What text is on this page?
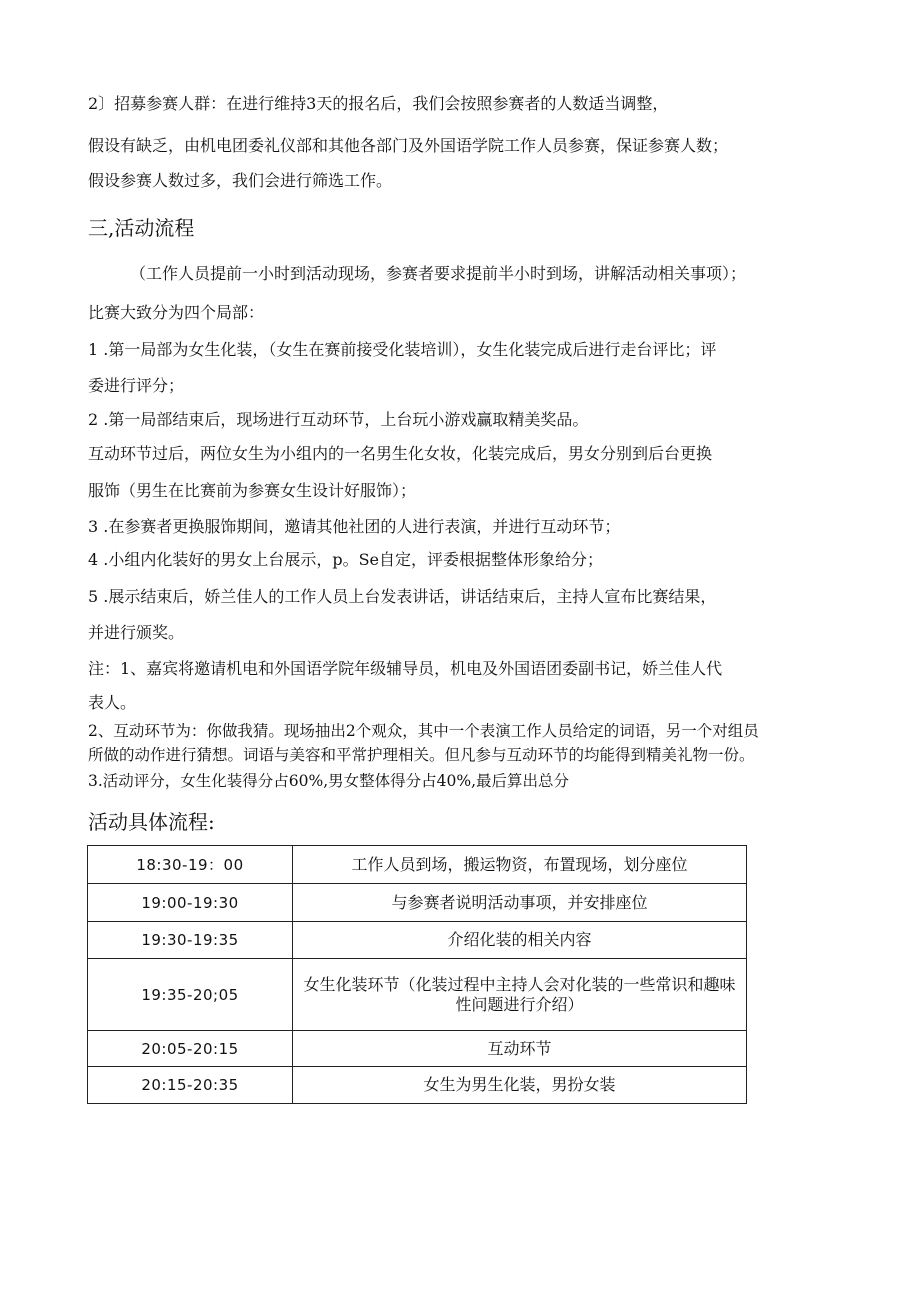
2〕招募参赛人群：在进行维持3天的报名后，我们会按照参赛者的人数适当调整，
假设有缺乏，由机电团委礼仪部和其他各部门及外国语学院工作人员参赛，保证参赛人数；
假设参赛人数过多，我们会进行筛选工作。
三,活动流程
（工作人员提前一小时到活动现场，参赛者要求提前半小时到场，讲解活动相关事项）；
比赛大致分为四个局部：
1 .第一局部为女生化装，（女生在赛前接受化装培训），女生化装完成后进行走台评比；评
委进行评分；
2 .第一局部结束后，现场进行互动环节，上台玩小游戏赢取精美奖品。
互动环节过后，两位女生为小组内的一名男生化女妆，化装完成后，男女分别到后台更换
服饰（男生在比赛前为参赛女生设计好服饰）；
3 .在参赛者更换服饰期间，邀请其他社团的人进行表演，并进行互动环节；
4 .小组内化装好的男女上台展示，p。Se自定，评委根据整体形象给分；
5 .展示结束后，娇兰佳人的工作人员上台发表讲话，讲话结束后，主持人宣布比赛结果，
并进行颁奖。
注：1、嘉宾将邀请机电和外国语学院年级辅导员，机电及外国语团委副书记，娇兰佳人代
表人。
2、互动环节为：你做我猜。现场抽出2个观众，其中一个表演工作人员给定的词语，另一个对组员
所做的动作进行猜想。词语与美容和平常护理相关。但凡参与互动环节的均能得到精美礼物一份。
3.活动评分，女生化装得分占60%,男女整体得分占40%,最后算出总分
活动具体流程:
18:30-19：00	工作人员到场，搬运物资，布置现场，划分座位
19:00-19:30	与参赛者说明活动事项，并安排座位
19:30-19:35	介绍化装的相关内容
19:35-20;05	女生化装环节（化装过程中主持人会对化装的一些常识和趣味性问题进行介绍）
20:05-20:15	互动环节
20:15-20:35	女生为男生化装，男扮女装
